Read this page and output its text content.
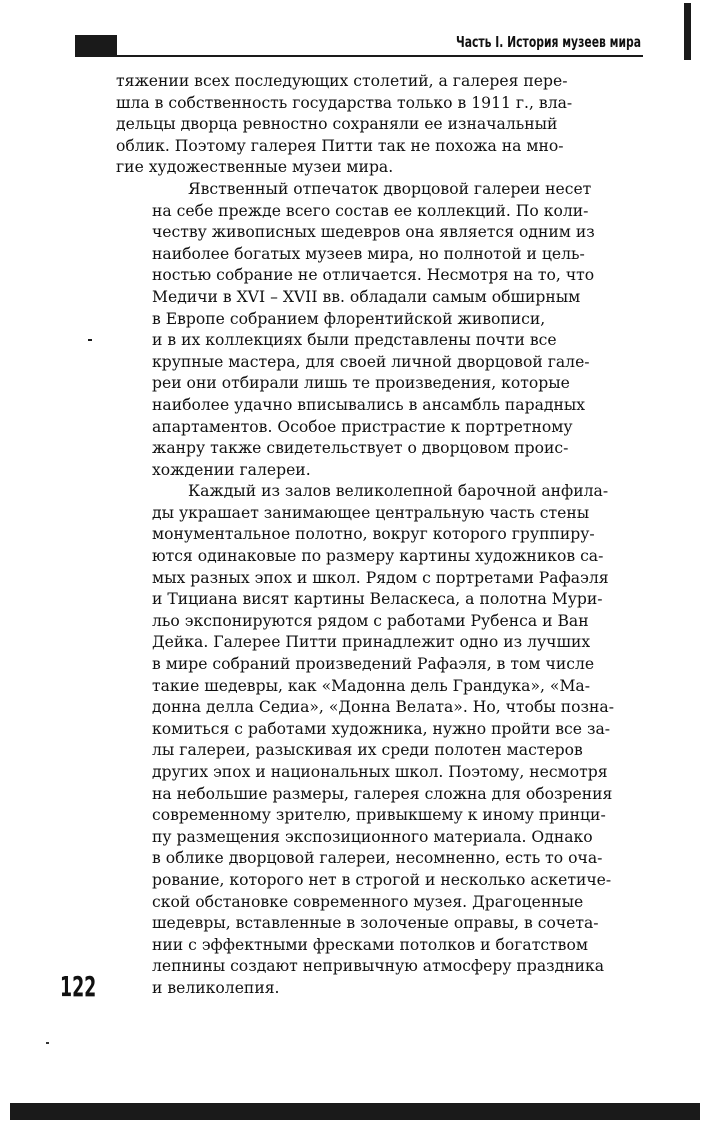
Часть I. История музеев мира

тяжении всех последующих столетий, а галерея пере-
шла в собственность государства только в 1911 г., вла-
дельцы дворца ревностно сохраняли ее изначальный
облик. Поэтому галерея Питти так не похожа на мно-
гие художественные музеи мира.

Явственный отпечаток дворцовой галереи несет
на себе прежде всего состав ее коллекций. По коли-
честву живописных шедевров она является одним из
наиболее богатых музеев мира, но полнотой и цель-
ностью собрание не отличается. Несмотря на то, что
Медичи в XVI – XVII вв. обладали самым обширным
в Европе собранием флорентийской живописи,
и в их коллекциях были представлены почти все
крупные мастера, для своей личной дворцовой гале-
реи они отбирали лишь те произведения, которые
наиболее удачно вписывались в ансамбль парадных
апартаментов. Особое пристрастие к портретному
жанру также свидетельствует о дворцовом проис-
хождении галереи.

Каждый из залов великолепной барочной анфила-
ды украшает занимающее центральную часть стены
монументальное полотно, вокруг которого группиру-
ются одинаковые по размеру картины художников са-
мых разных эпох и школ. Рядом с портретами Рафаэля
и Тициана висят картины Веласкеса, а полотна Мури-
льо экспонируются рядом с работами Рубенса и Ван
Дейка. Галерее Питти принадлежит одно из лучших
в мире собраний произведений Рафаэля, в том числе
такие шедевры, как «Мадонна дель Грандука», «Ма-
донна делла Седиа», «Донна Велата». Но, чтобы позна-
комиться с работами художника, нужно пройти все за-
лы галереи, разыскивая их среди полотен мастеров
других эпох и национальных школ. Поэтому, несмотря
на небольшие размеры, галерея сложна для обозрения
современному зрителю, привыкшему к иному принци-
пу размещения экспозиционного материала. Однако
в облике дворцовой галереи, несомненно, есть то оча-
рование, которого нет в строгой и несколько аскетиче-
ской обстановке современного музея. Драгоценные
шедевры, вставленные в золоченые оправы, в сочета-
нии с эффектными фресками потолков и богатством
лепнины создают непривычную атмосферу праздника
и великолепия.

122
